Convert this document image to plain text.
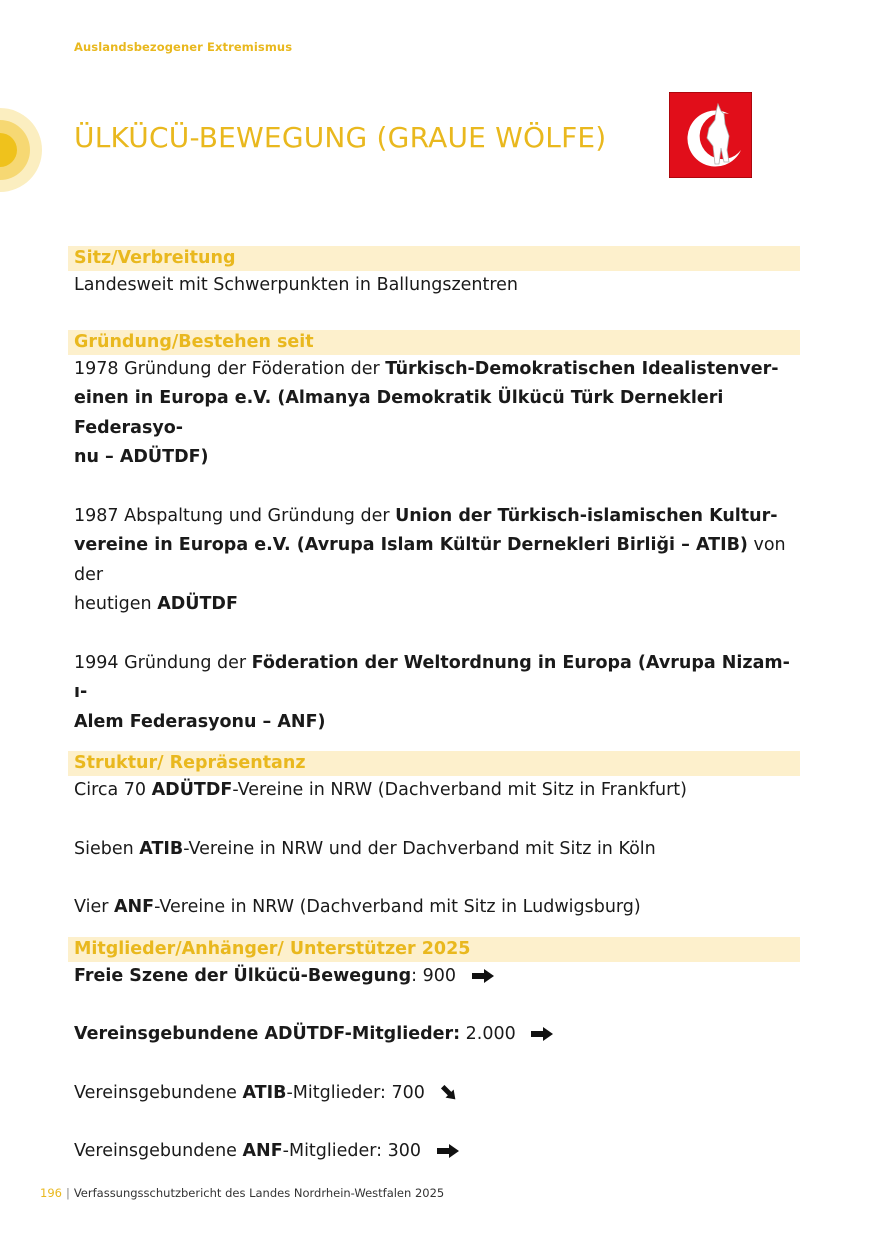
Auslandsbezogener Extremismus
ÜLKÜCÜ-BEWEGUNG (GRAUE WÖLFE)
Sitz/Verbreitung

Landesweit mit Schwerpunkten in Ballungszentren

Gründung/Bestehen seit

1978 Gründung der Föderation der Türkisch-Demokratischen Idealistenver-
einen in Europa e.V. (Almanya Demokratik Ülkücü Türk Dernekleri Federasyo-
nu – ADÜTDF)

1987 Abspaltung und Gründung der Union der Türkisch-islamischen Kultur-
vereine in Europa e.V. (Avrupa Islam Kültür Dernekleri Birliği – ATIB) von der
heutigen ADÜTDF

1994 Gründung der Föderation der Weltordnung in Europa (Avrupa Nizam-ı-
Alem Federasyonu – ANF)

Struktur/ Repräsentanz

Circa 70 ADÜTDF-Vereine in NRW (Dachverband mit Sitz in Frankfurt)

Sieben ATIB-Vereine in NRW und der Dachverband mit Sitz in Köln

Vier ANF-Vereine in NRW (Dachverband mit Sitz in Ludwigsburg)

Mitglieder/Anhänger/ Unterstützer 2025

Freie Szene der Ülkücü-Bewegung: 900

Vereinsgebundene ADÜTDF-Mitglieder: 2.000

Vereinsgebundene ATIB-Mitglieder: 700

Vereinsgebundene ANF-Mitglieder: 300

196 | Verfassungsschutzbericht des Landes Nordrhein-Westfalen 2025
